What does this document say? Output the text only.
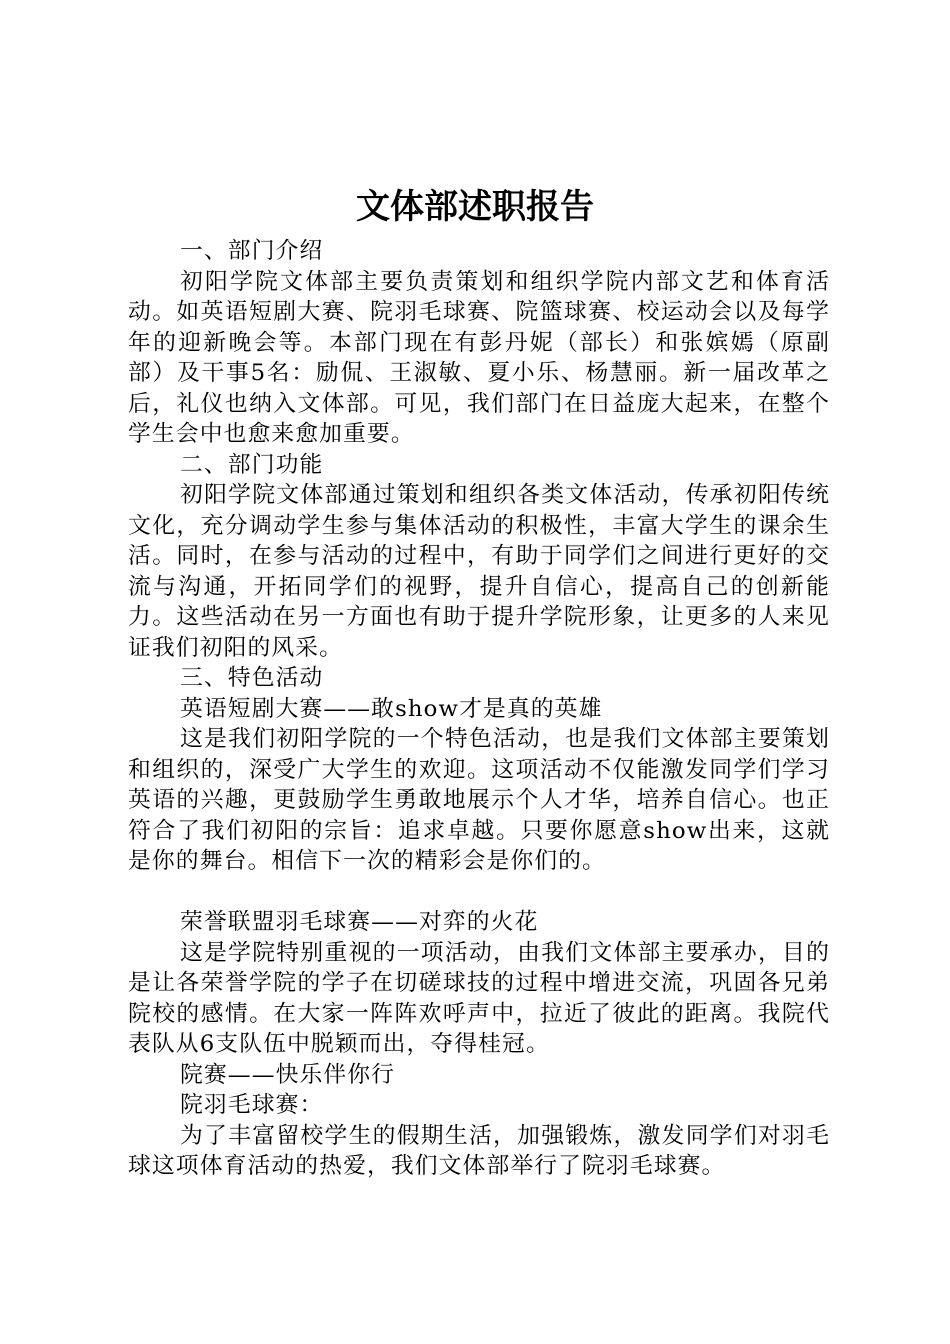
文体部述职报告

一、部门介绍

初阳学院文体部主要负责策划和组织学院内部文艺和体育活动。如英语短剧大赛、院羽毛球赛、院篮球赛、校运动会以及每学年的迎新晚会等。本部门现在有彭丹妮（部长）和张嫔嫣（原副部）及干事5名：励侃、王淑敏、夏小乐、杨慧丽。新一届改革之后，礼仪也纳入文体部。可见，我们部门在日益庞大起来，在整个学生会中也愈来愈加重要。

二、部门功能

初阳学院文体部通过策划和组织各类文体活动，传承初阳传统文化，充分调动学生参与集体活动的积极性，丰富大学生的课余生活。同时，在参与活动的过程中，有助于同学们之间进行更好的交流与沟通，开拓同学们的视野，提升自信心，提高自己的创新能力。这些活动在另一方面也有助于提升学院形象，让更多的人来见证我们初阳的风采。

三、特色活动

英语短剧大赛——敢show才是真的英雄

这是我们初阳学院的一个特色活动，也是我们文体部主要策划和组织的，深受广大学生的欢迎。这项活动不仅能激发同学们学习英语的兴趣，更鼓励学生勇敢地展示个人才华，培养自信心。也正符合了我们初阳的宗旨：追求卓越。只要你愿意show出来，这就是你的舞台。相信下一次的精彩会是你们的。

荣誉联盟羽毛球赛——对弈的火花

这是学院特别重视的一项活动，由我们文体部主要承办，目的是让各荣誉学院的学子在切磋球技的过程中增进交流，巩固各兄弟院校的感情。在大家一阵阵欢呼声中，拉近了彼此的距离。我院代表队从6支队伍中脱颖而出，夺得桂冠。

院赛——快乐伴你行

院羽毛球赛：

为了丰富留校学生的假期生活，加强锻炼，激发同学们对羽毛球这项体育活动的热爱，我们文体部举行了院羽毛球赛。
